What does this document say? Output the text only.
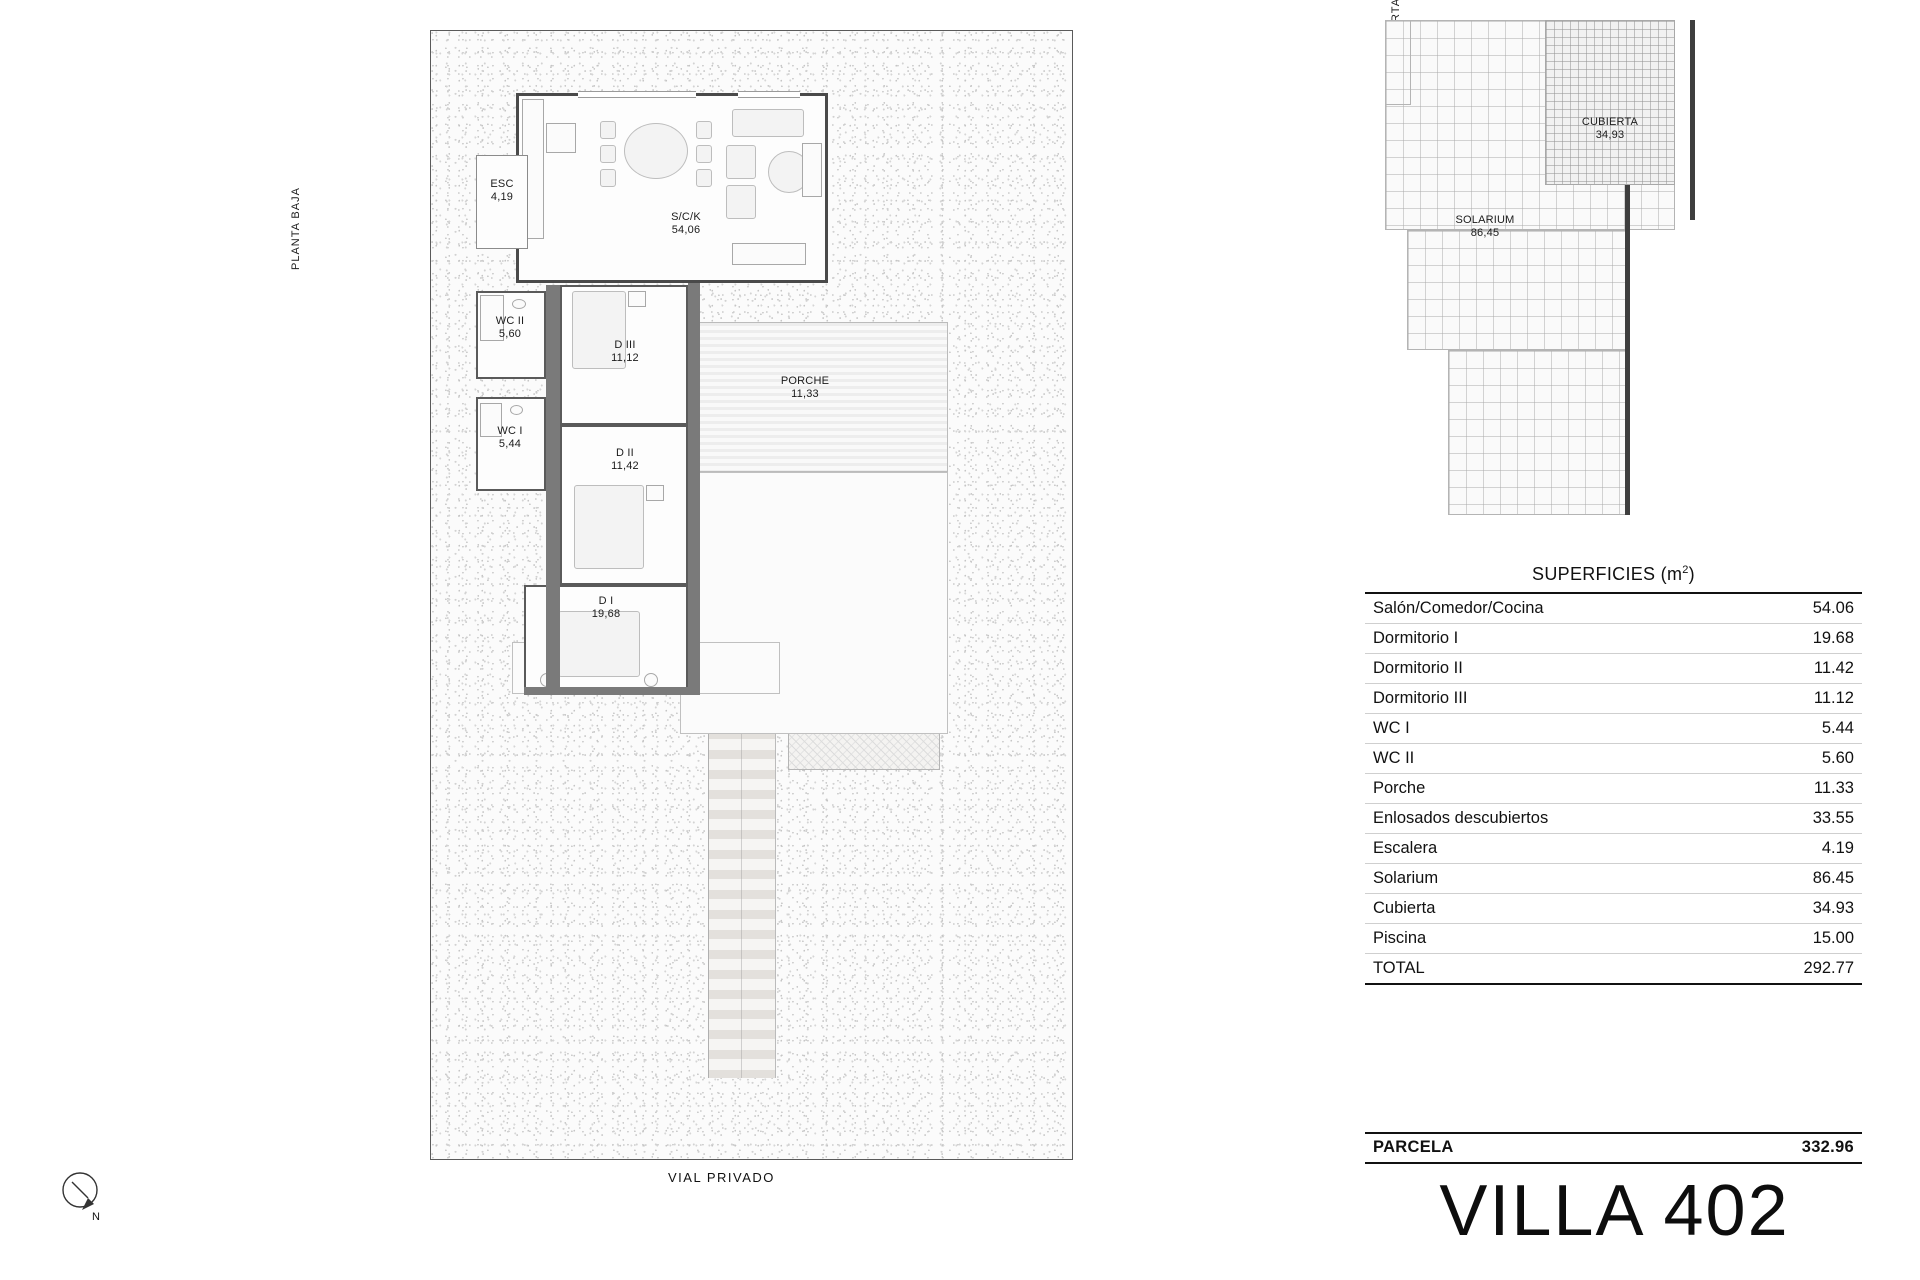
PLANTA BAJA	S/C/K
54,06
ESC
4,19
WC II
5,60
WC I
5,44
D III
11,12
D II
11,42
D I
19,68
PORCHE
11,33
VIAL PRIVADO
N
CUBIERTA
34,93
SOLARIUM
86,45
SUPERFICIES $(m^2)$
Salón/Comedor/Cocina	54.06
Dormitorio I	19.68
Dormitorio II	11.42
Dormitorio III	11.12
WC I	5.44
WC II	5.60
Porche	11.33
Enlosados descubiertos	33.55
Escalera	4.19
Solarium	86.45
Cubierta	34.93
Piscina	15.00
TOTAL	292.77
PARCELA	332.96
VILLA 402
